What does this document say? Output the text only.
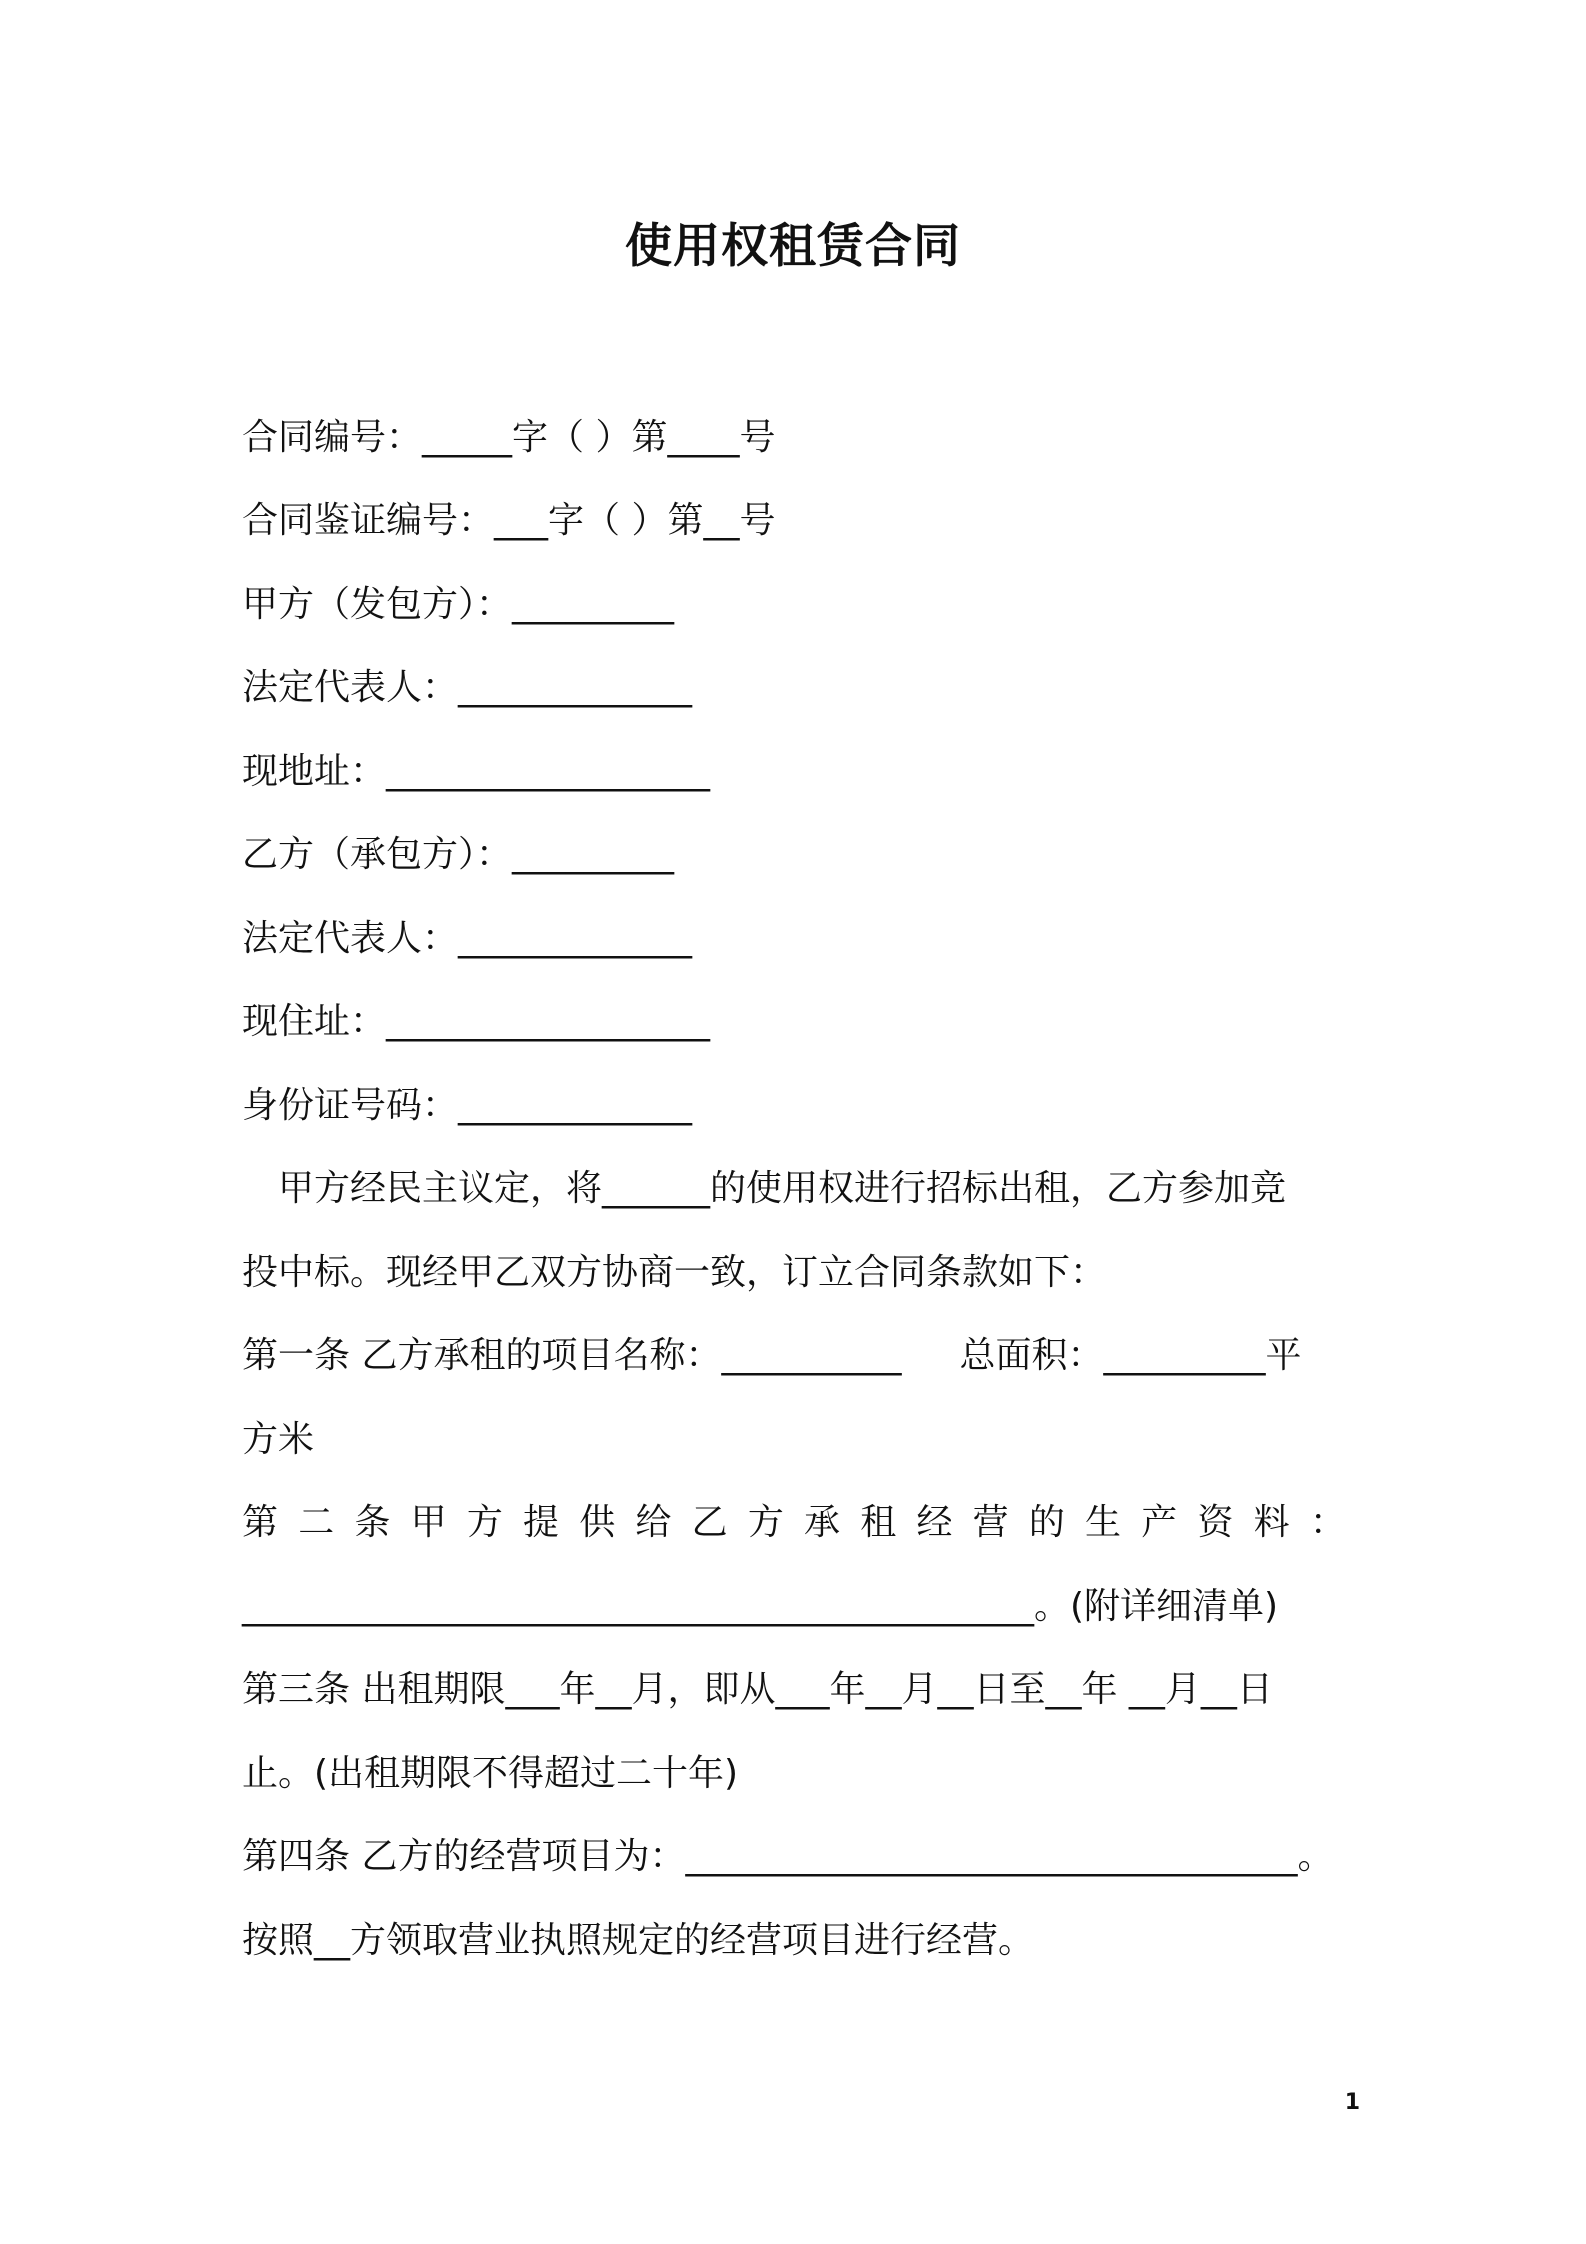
使用权租赁合同
合同编号：_____字（ ）第____号
合同鉴证编号：___字（ ）第__号
甲方（发包方）：_________
法定代表人：_____________
现地址：__________________
乙方（承包方）：_________
法定代表人：_____________
现住址：__________________
身份证号码：_____________
甲方经民主议定，将______的使用权进行招标出租，乙方参加竞
投中标。现经甲乙双方协商一致，订立合同条款如下：
第一条 乙方承租的项目名称：__________ 总面积：_________平
方米
第 二 条 甲 方 提 供 给 乙 方 承 租 经 营 的 生 产 资 料 ：
____________________________________________。(附详细清单)
第三条 出租期限___年__月，即从___年__月__日至__年 __月__日
止。(出租期限不得超过二十年)
第四条 乙方的经营项目为：__________________________________。
按照__方领取营业执照规定的经营项目进行经营。
1
